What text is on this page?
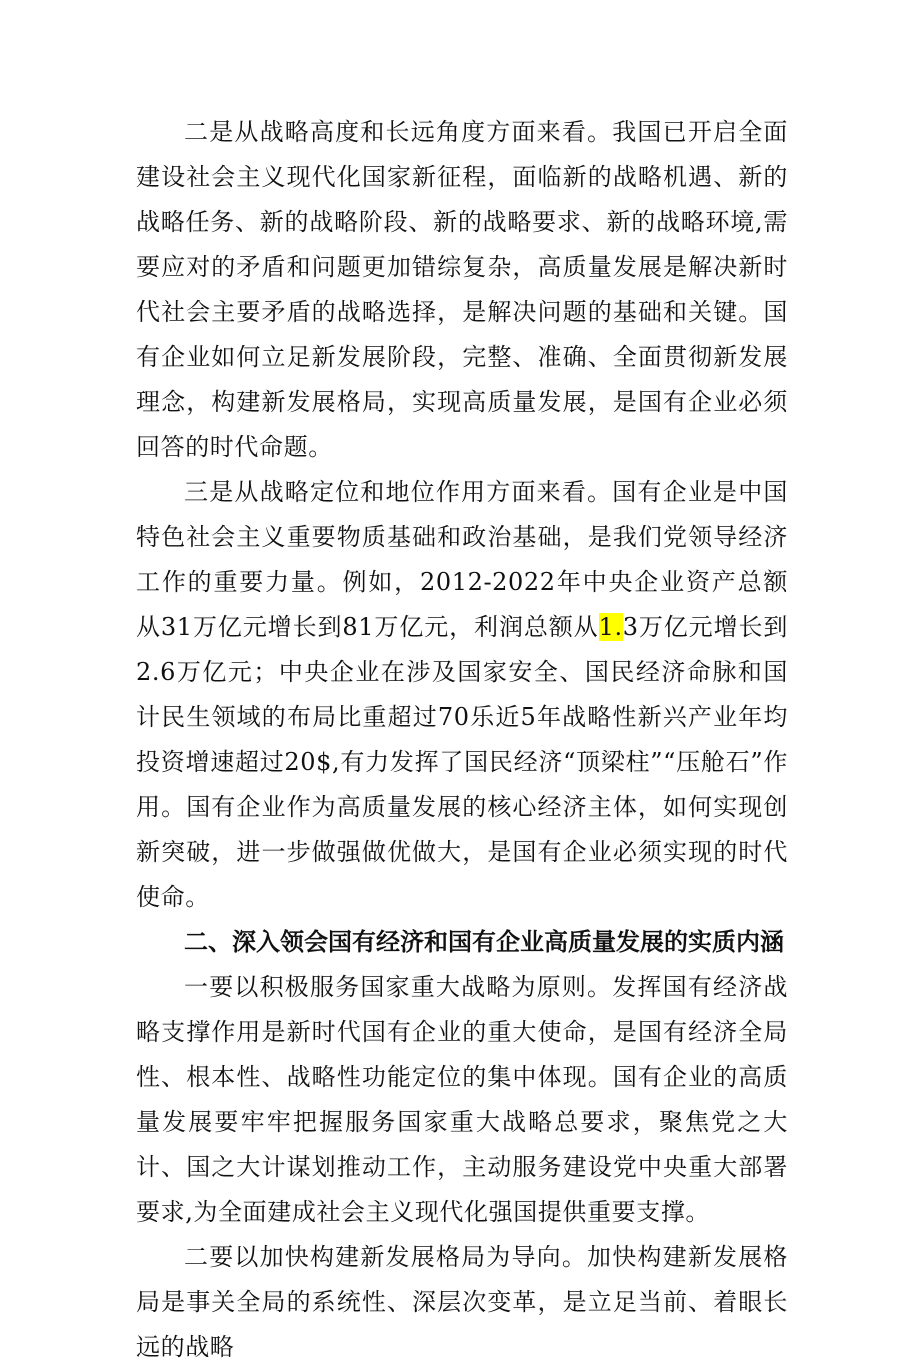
二是从战略高度和长远角度方面来看。我国已开启全面建设社会主义现代化国家新征程，面临新的战略机遇、新的战略任务、新的战略阶段、新的战略要求、新的战略环境,需要应对的矛盾和问题更加错综复杂，高质量发展是解决新时代社会主要矛盾的战略选择，是解决问题的基础和关键。国有企业如何立足新发展阶段，完整、准确、全面贯彻新发展理念，构建新发展格局，实现高质量发展，是国有企业必须回答的时代命题。

三是从战略定位和地位作用方面来看。国有企业是中国特色社会主义重要物质基础和政治基础，是我们党领导经济工作的重要力量。例如，2012-2022年中央企业资产总额从31万亿元增长到81万亿元，利润总额从1.3万亿元增长到2.6万亿元；中央企业在涉及国家安全、国民经济命脉和国计民生领域的布局比重超过70乐近5年战略性新兴产业年均投资增速超过20$,有力发挥了国民经济“顶梁柱”“压舱石”作用。国有企业作为高质量发展的核心经济主体，如何实现创新突破，进一步做强做优做大，是国有企业必须实现的时代使命。

二、深入领会国有经济和国有企业高质量发展的实质内涵

一要以积极服务国家重大战略为原则。发挥国有经济战略支撑作用是新时代国有企业的重大使命，是国有经济全局性、根本性、战略性功能定位的集中体现。国有企业的高质量发展要牢牢把握服务国家重大战略总要求，聚焦党之大计、国之大计谋划推动工作，主动服务建设党中央重大部署要求,为全面建成社会主义现代化强国提供重要支撑。

二要以加快构建新发展格局为导向。加快构建新发展格局是事关全局的系统性、深层次变革，是立足当前、着眼长远的战略
